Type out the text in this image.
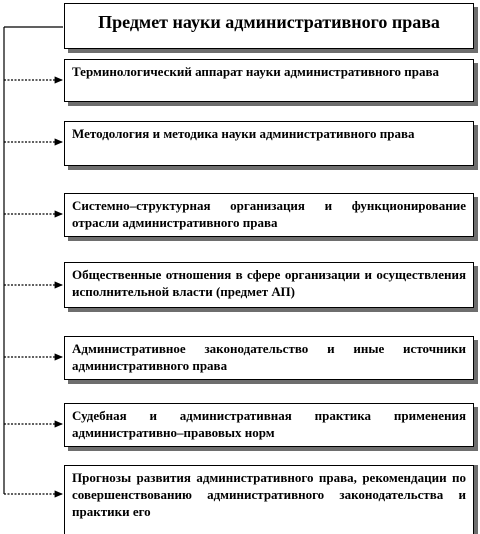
Предмет науки административного права
Терминологический аппарат науки административного права
Методология и методика науки административного права
Системно–структурная организация и функционирование отрасли административного права
Общественные отношения в сфере организации и осуществления исполнительной власти (предмет АП)
Административное законодательство и иные источники административного права
Судебная и административная практика применения административно–правовых норм
Прогнозы развития административного права, рекомендации по совершенствованию административного законодательства и практики его
